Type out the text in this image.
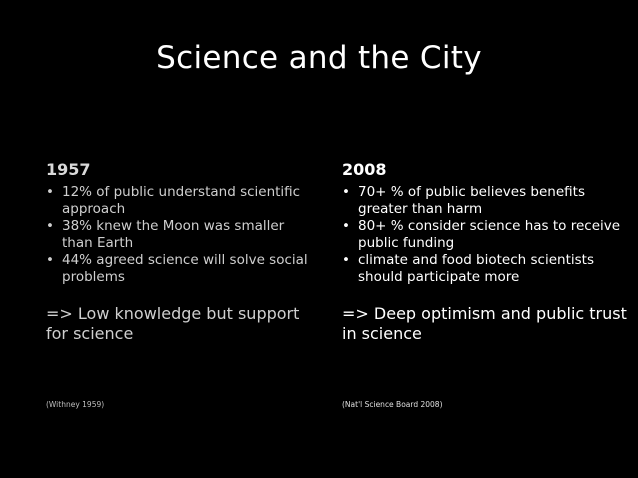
Science and the City
1957
• 12% of public understand scientific approach
• 38% knew the Moon was smaller than Earth
• 44% agreed science will solve social problems
=> Low knowledge but support for science
2008
• 70+ % of public believes benefits greater than harm
• 80+ % consider science has to receive public funding
• climate and food biotech scientists should participate more
=> Deep optimism and public trust in science
(Withney 1959)	(Nat'l Science Board 2008)
